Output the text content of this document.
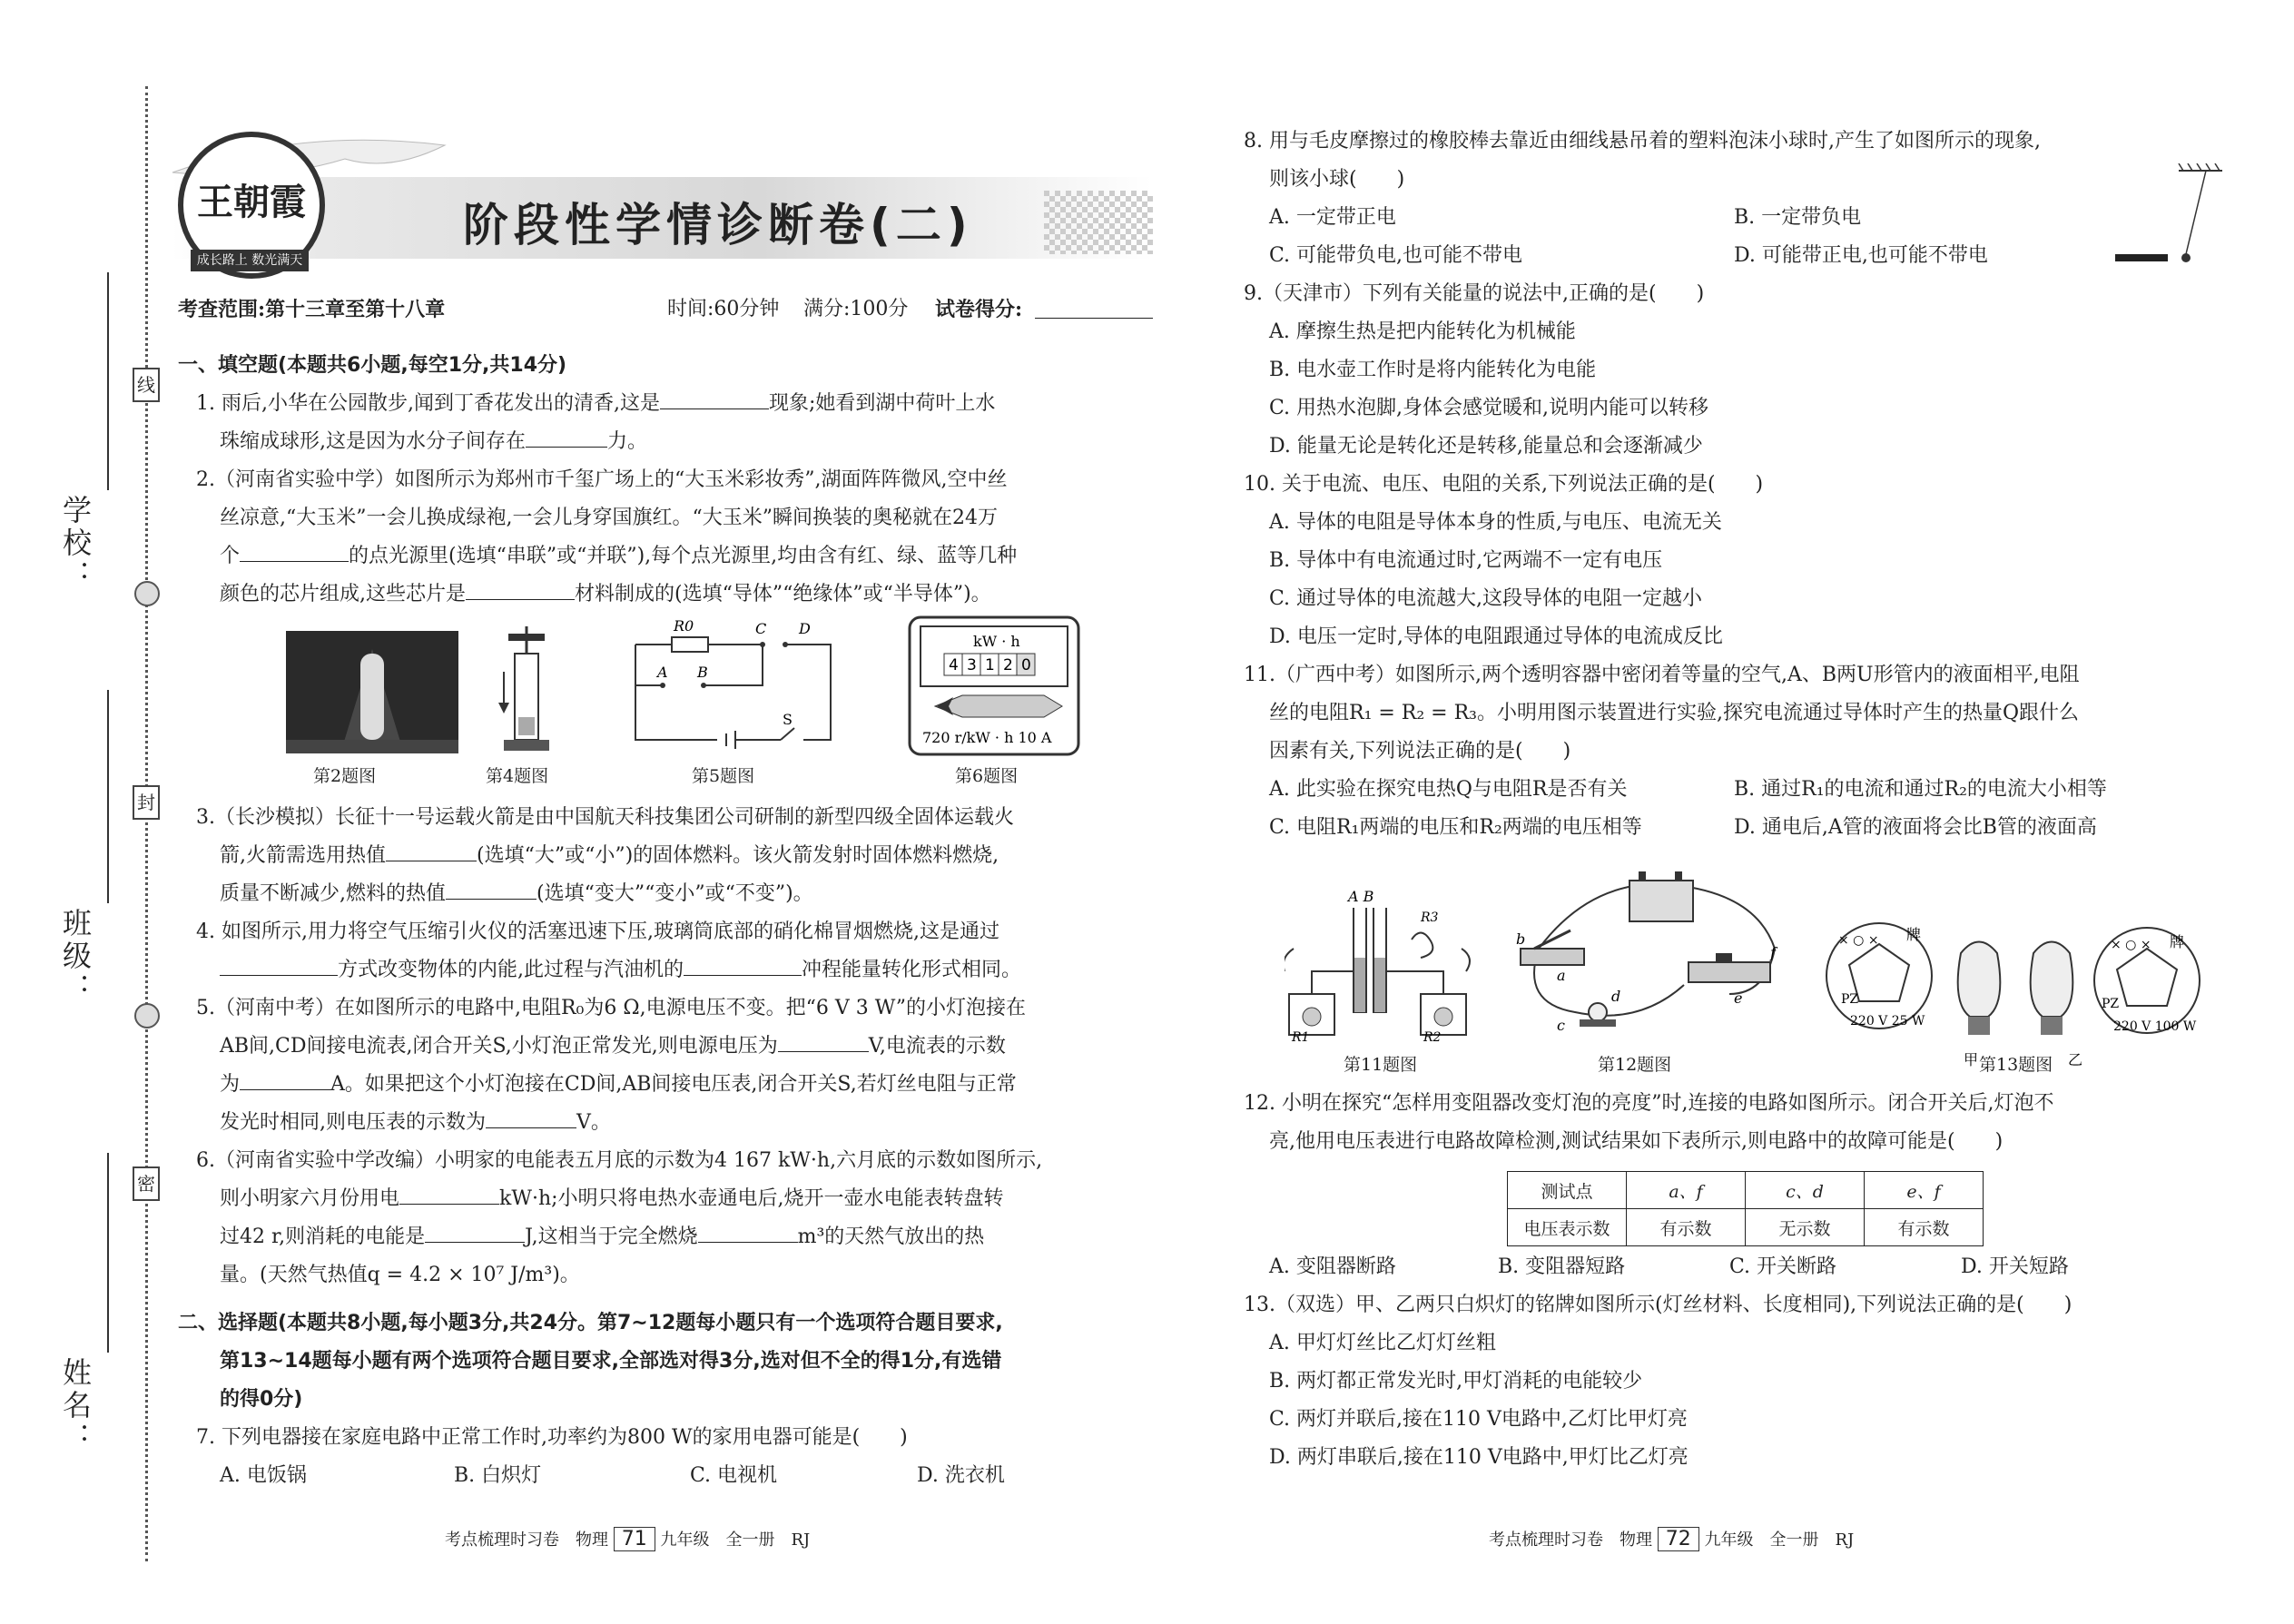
学校：
班级：
姓名：
线
封
密
王朝霞
成长路上 数光满天
阶段性学情诊断卷(二)
考查范围:第十三章至第十八章	时间:60分钟 满分:100分 试卷得分:
一、填空题(本题共6小题,每空1分,共14分)
1. 雨后,小华在公园散步,闻到丁香花发出的清香,这是	现象;她看到湖中荷叶上水
珠缩成球形,这是因为水分子间存在	力。
2.（河南省实验中学）如图所示为郑州市千玺广场上的“大玉米彩妆秀”,湖面阵阵微风,空中丝
丝凉意,“大玉米”一会儿换成绿袍,一会儿身穿国旗红。“大玉米”瞬间换装的奥秘就在24万
个	的点光源里(选填“串联”或“并联”),每个点光源里,均由含有红、绿、蓝等几种
颜色的芯片组成,这些芯片是	材料制成的(选填“导体”“绝缘体”或“半导体”)。
第2题图	第4题图
R0	C D
A B
S
第5题图
kW · h
4 3 1 2 0
720 r/kW · h 10 A
第6题图
3.（长沙模拟）长征十一号运载火箭是由中国航天科技集团公司研制的新型四级全固体运载火
箭,火箭需选用热值	(选填“大”或“小”)的固体燃料。该火箭发射时固体燃料燃烧,
质量不断减少,燃料的热值	(选填“变大”“变小”或“不变”)。
4. 如图所示,用力将空气压缩引火仪的活塞迅速下压,玻璃筒底部的硝化棉冒烟燃烧,这是通过
方式改变物体的内能,此过程与汽油机的	冲程能量转化形式相同。
5.（河南中考）在如图所示的电路中,电阻R₀为6 Ω,电源电压不变。把“6 V 3 W”的小灯泡接在
AB间,CD间接电流表,闭合开关S,小灯泡正常发光,则电源电压为	V,电流表的示数
为	A。如果把这个小灯泡接在CD间,AB间接电压表,闭合开关S,若灯丝电阻与正常
发光时相同,则电压表的示数为	V。
6.（河南省实验中学改编）小明家的电能表五月底的示数为4 167 kW·h,六月底的示数如图所示,
则小明家六月份用电	kW·h;小明只将电热水壶通电后,烧开一壶水电能表转盘转
过42 r,则消耗的电能是	J,这相当于完全燃烧	m³的天然气放出的热
量。(天然气热值q = 4.2 × 10⁷ J/m³)。
二、选择题(本题共8小题,每小题3分,共24分。第7~12题每小题只有一个选项符合题目要求,
第13~14题每小题有两个选项符合题目要求,全部选对得3分,选对但不全的得1分,有选错
的得0分)
7. 下列电器接在家庭电路中正常工作时,功率约为800 W的家用电器可能是(　　)
A. 电饭锅	B. 白炽灯	C. 电视机	D. 洗衣机
考点梳理时习卷　物理 71 九年级　全一册　RJ
8. 用与毛皮摩擦过的橡胶棒去靠近由细线悬吊着的塑料泡沫小球时,产生了如图所示的现象,
则该小球(　　)
A. 一定带正电	B. 一定带负电
C. 可能带负电,也可能不带电	D. 可能带正电,也可能不带电
9.（天津市）下列有关能量的说法中,正确的是(　　)
A. 摩擦生热是把内能转化为机械能
B. 电水壶工作时是将内能转化为电能
C. 用热水泡脚,身体会感觉暖和,说明内能可以转移
D. 能量无论是转化还是转移,能量总和会逐渐减少
10. 关于电流、电压、电阻的关系,下列说法正确的是(　　)
A. 导体的电阻是导体本身的性质,与电压、电流无关
B. 导体中有电流通过时,它两端不一定有电压
C. 通过导体的电流越大,这段导体的电阻一定越小
D. 电压一定时,导体的电阻跟通过导体的电流成反比
11.（广西中考）如图所示,两个透明容器中密闭着等量的空气,A、B两U形管内的液面相平,电阻
丝的电阻R₁ = R₂ = R₃。小明用图示装置进行实验,探究电流通过导体时产生的热量Q跟什么
因素有关,下列说法正确的是(　　)
A. 此实验在探究电热Q与电阻R是否有关	B. 通过R₁的电流和通过R₂的电流大小相等
C. 电阻R₁两端的电压和R₂两端的电压相等	D. 通电后,A管的液面将会比B管的液面高
A B
R1	R2
R3
第11题图
b
a
c
d	e
f
第12题图
× ○ × 牌
PZ
220 V 25 W
× ○ × 牌
PZ
220 V 100 W
甲	乙
第13题图
12. 小明在探究“怎样用变阻器改变灯泡的亮度”时,连接的电路如图所示。闭合开关后,灯泡不
亮,他用电压表进行电路故障检测,测试结果如下表所示,则电路中的故障可能是(　　)
测试点	a、f	c、d	e、f
电压表示数	有示数	无示数	有示数
A. 变阻器断路	B. 变阻器短路	C. 开关断路	D. 开关短路
13.（双选）甲、乙两只白炽灯的铭牌如图所示(灯丝材料、长度相同),下列说法正确的是(　　)
A. 甲灯灯丝比乙灯灯丝粗
B. 两灯都正常发光时,甲灯消耗的电能较少
C. 两灯并联后,接在110 V电路中,乙灯比甲灯亮
D. 两灯串联后,接在110 V电路中,甲灯比乙灯亮
考点梳理时习卷　物理 72 九年级　全一册　RJ
